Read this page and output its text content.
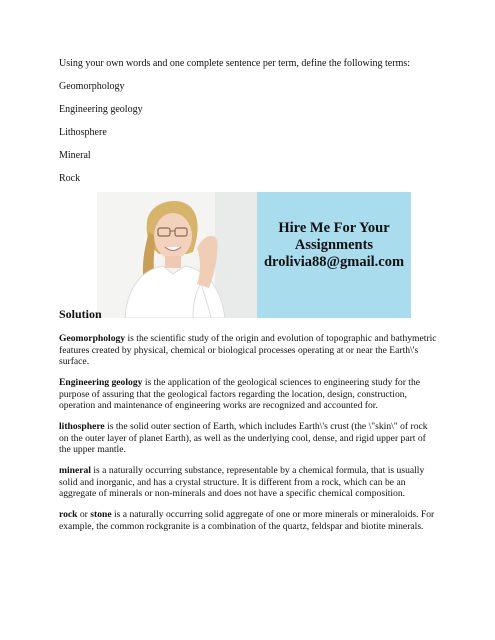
Using your own words and one complete sentence per term, define the following terms:
Geomorphology
Engineering geology
Lithosphere
Mineral
Rock
Hire Me For Your
Assignments
drolivia88@gmail.com
Solution
Geomorphology is the scientific study of the origin and evolution of topographic and bathymetric features created by physical, chemical or biological processes operating at or near the Earth\'s surface.
Engineering geology is the application of the geological sciences to engineering study for the purpose of assuring that the geological factors regarding the location, design, construction, operation and maintenance of engineering works are recognized and accounted for.
lithosphere is the solid outer section of Earth, which includes Earth\'s crust (the \"skin\" of rock on the outer layer of planet Earth), as well as the underlying cool, dense, and rigid upper part of the upper mantle.
mineral is a naturally occurring substance, representable by a chemical formula, that is usually solid and inorganic, and has a crystal structure. It is different from a rock, which can be an aggregate of minerals or non-minerals and does not have a specific chemical composition.
rock or stone is a naturally occurring solid aggregate of one or more minerals or mineraloids. For example, the common rockgranite is a combination of the quartz, feldspar and biotite minerals.
